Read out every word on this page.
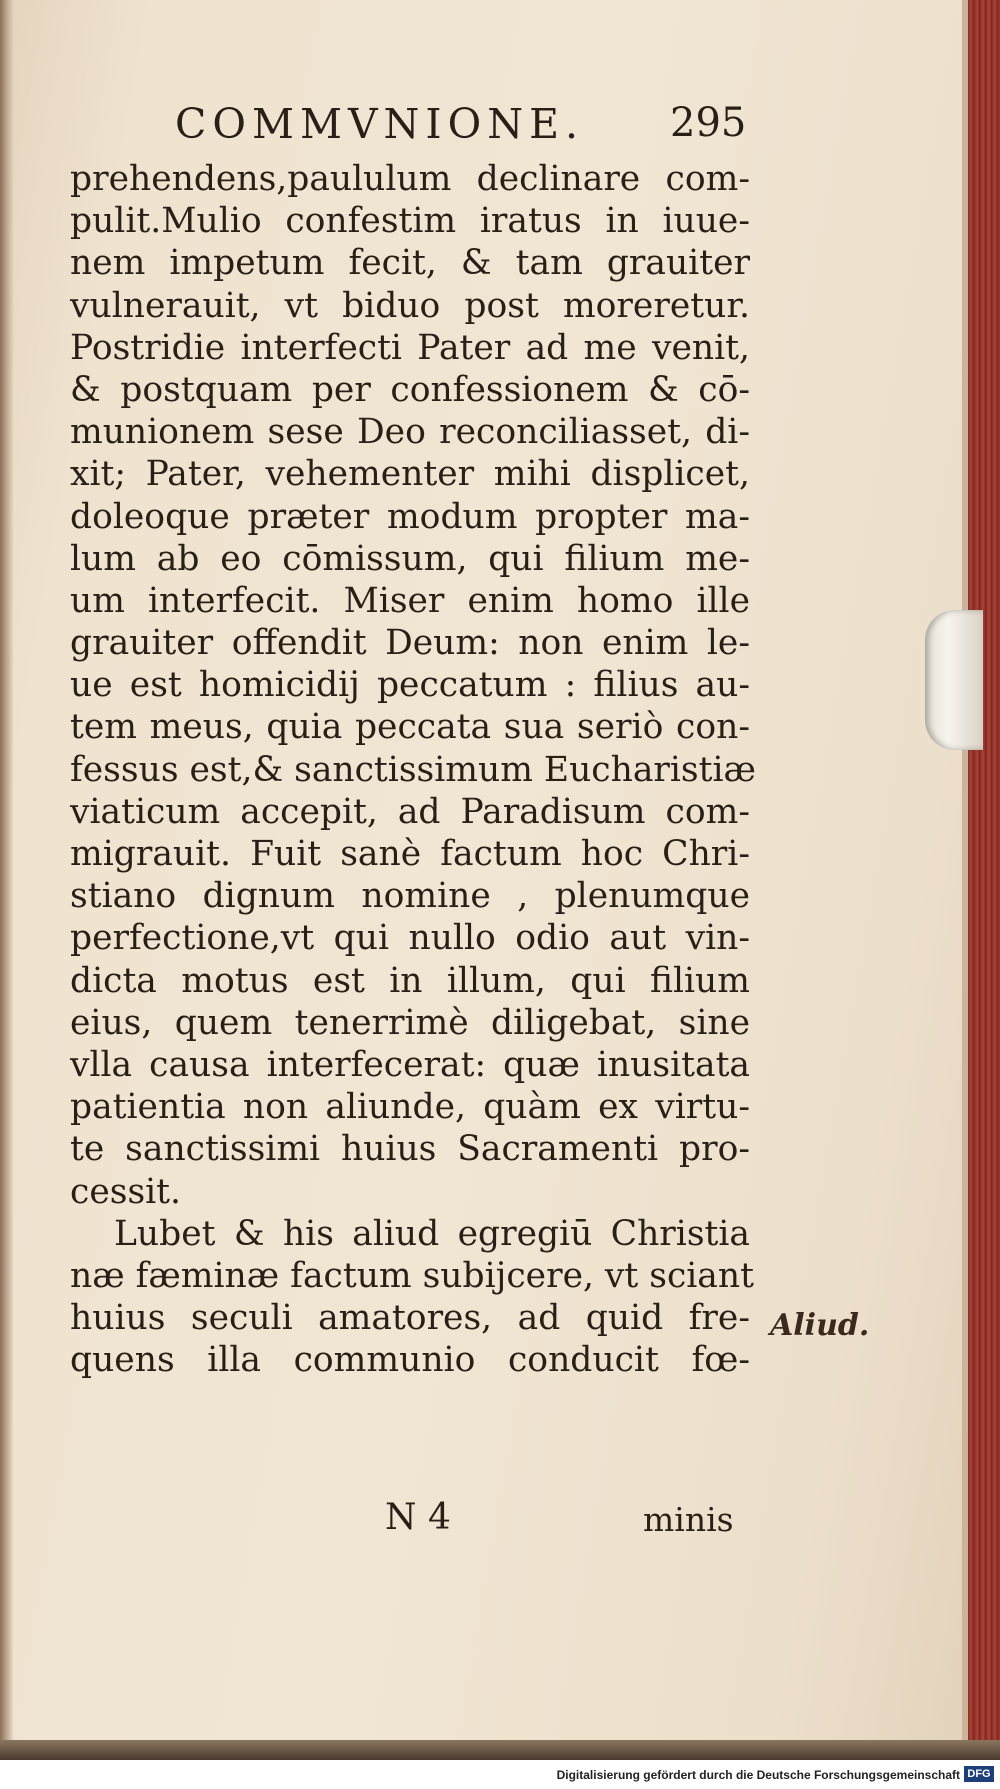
COMMVNIONE. 295
prehendens,paululum declinare com-
pulit.Mulio confestim iratus in iuue-
nem impetum fecit, & tam grauiter
vulnerauit, vt biduo post moreretur.
Postridie interfecti Pater ad me venit,
& postquam per confessionem & cō-
munionem sese Deo reconciliasset, di-
xit; Pater, vehementer mihi displicet,
doleoque præter modum propter ma-
lum ab eo cōmissum, qui filium me-
um interfecit. Miser enim homo ille
grauiter offendit Deum: non enim le-
ue est homicidij peccatum : filius au-
tem meus, quia peccata sua seriò con-
fessus est,& sanctissimum Eucharistiæ
viaticum accepit, ad Paradisum com-
migrauit. Fuit sanè factum hoc Chri-
stiano dignum nomine , plenumque
perfectione,vt qui nullo odio aut vin-
dicta motus est in illum, qui filium
eius, quem tenerrimè diligebat, sine
vlla causa interfecerat: quæ inusitata
patientia non aliunde, quàm ex virtu-
te sanctissimi huius Sacramenti pro-
cessit.
Lubet & his aliud egregiū Christia
næ fæminæ factum subijcere, vt sciant
huius seculi amatores, ad quid fre-
quens illa communio conducit fœ-
Aliud.
N 4	minis
Digitalisierung gefördert durch die Deutsche Forschungsgemeinschaft DFG
